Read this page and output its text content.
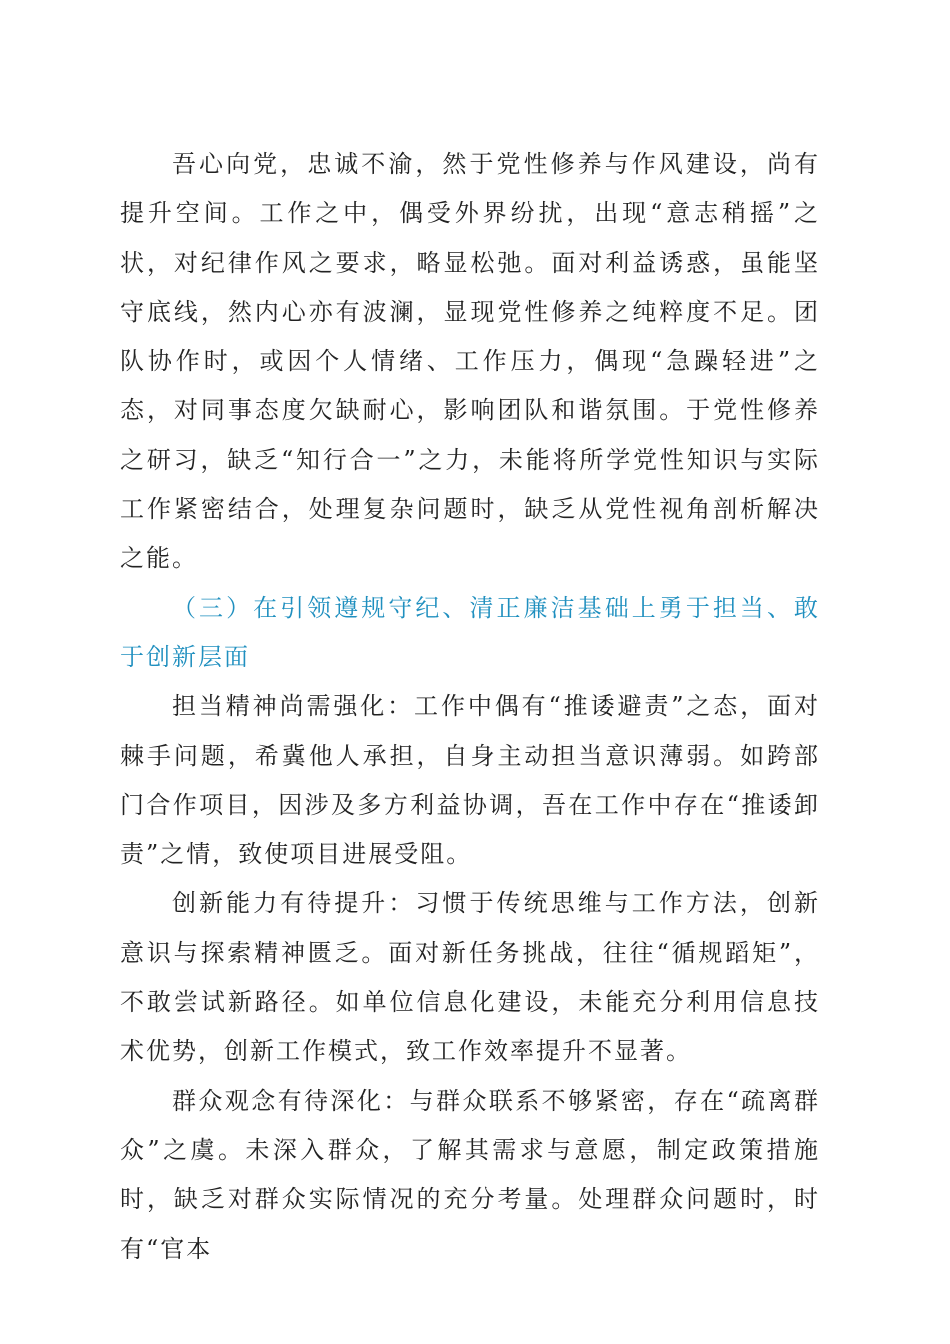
吾心向党，忠诚不渝，然于党性修养与作风建设，尚有提升空间。工作之中，偶受外界纷扰，出现“意志稍摇”之状，对纪律作风之要求，略显松弛。面对利益诱惑，虽能坚守底线，然内心亦有波澜，显现党性修养之纯粹度不足。团队协作时，或因个人情绪、工作压力，偶现“急躁轻进”之态，对同事态度欠缺耐心，影响团队和谐氛围。于党性修养之研习，缺乏“知行合一”之力，未能将所学党性知识与实际工作紧密结合，处理复杂问题时，缺乏从党性视角剖析解决之能。

（三）在引领遵规守纪、清正廉洁基础上勇于担当、敢于创新层面

担当精神尚需强化：工作中偶有“推诿避责”之态，面对棘手问题，希冀他人承担，自身主动担当意识薄弱。如跨部门合作项目，因涉及多方利益协调，吾在工作中存在“推诿卸责”之情，致使项目进展受阻。

创新能力有待提升：习惯于传统思维与工作方法，创新意识与探索精神匮乏。面对新任务挑战，往往“循规蹈矩”，不敢尝试新路径。如单位信息化建设，未能充分利用信息技术优势，创新工作模式，致工作效率提升不显著。

群众观念有待深化：与群众联系不够紧密，存在“疏离群众”之虞。未深入群众，了解其需求与意愿，制定政策措施时，缺乏对群众实际情况的充分考量。处理群众问题时，时有“官本
